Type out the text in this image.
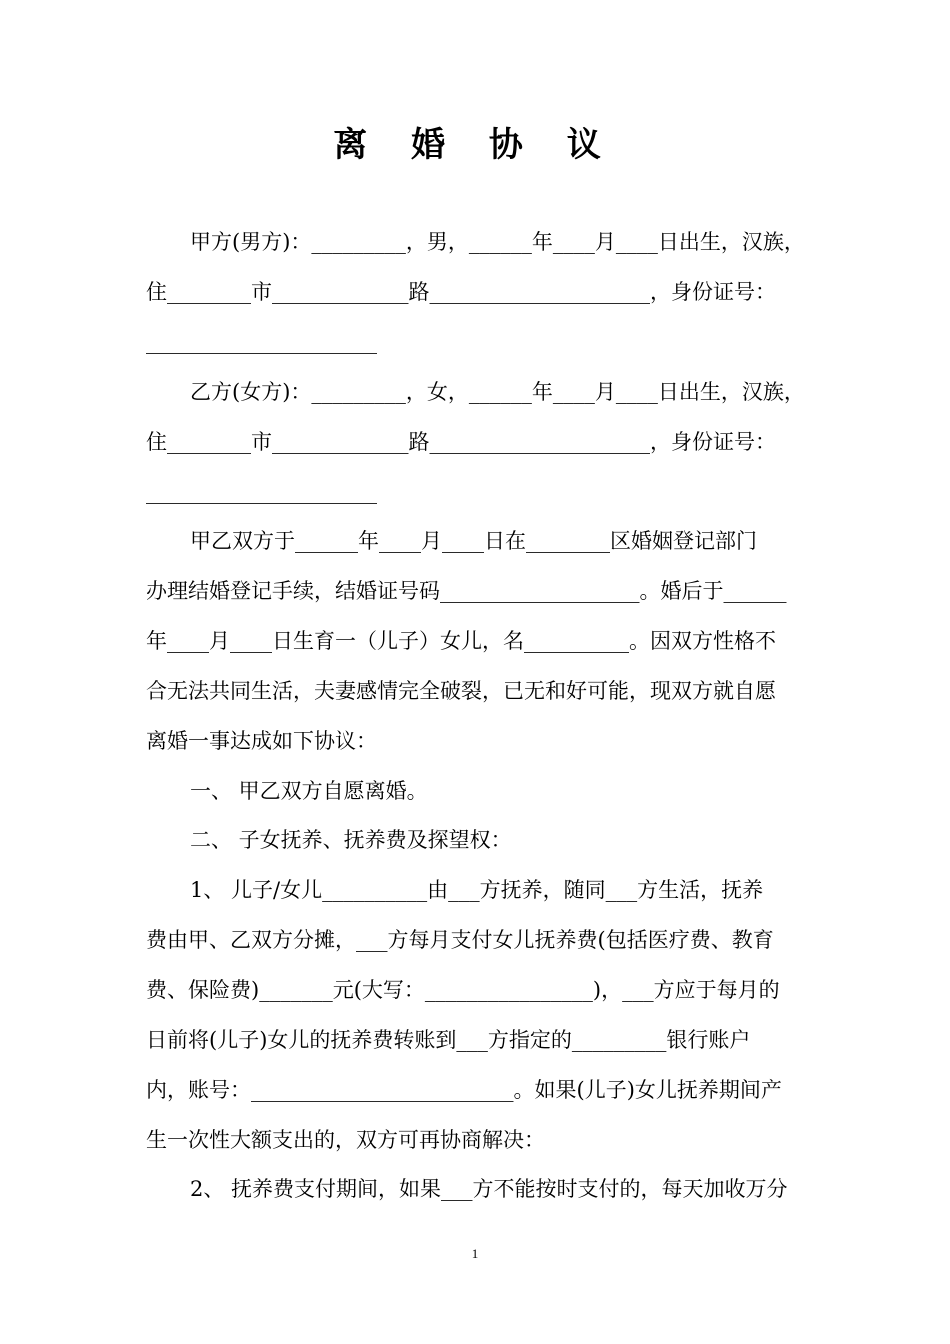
离 婚 协 议
甲方(男方)：_________，男，______年____月____日出生，汉族，
住________市_____________路_____________________，身份证号：
______________________
乙方(女方)：_________，女，______年____月____日出生，汉族，
住________市_____________路_____________________，身份证号：
______________________
甲乙双方于______年____月____日在________区婚姻登记部门
办理结婚登记手续，结婚证号码___________________。婚后于______
年____月____日生育一（儿子）女儿，名__________。因双方性格不
合无法共同生活，夫妻感情完全破裂，已无和好可能，现双方就自愿
离婚一事达成如下协议：
一、 甲乙双方自愿离婚。
二、 子女抚养、抚养费及探望权：
1、 儿子/女儿__________由___方抚养，随同___方生活，抚养
费由甲、乙双方分摊，___方每月支付女儿抚养费(包括医疗费、教育
费、保险费)_______元(大写：________________)，___方应于每月的
日前将(儿子)女儿的抚养费转账到___方指定的_________银行账户
内，账号：_________________________。如果(儿子)女儿抚养期间产
生一次性大额支出的，双方可再协商解决：
2、 抚养费支付期间，如果___方不能按时支付的，每天加收万分
1
